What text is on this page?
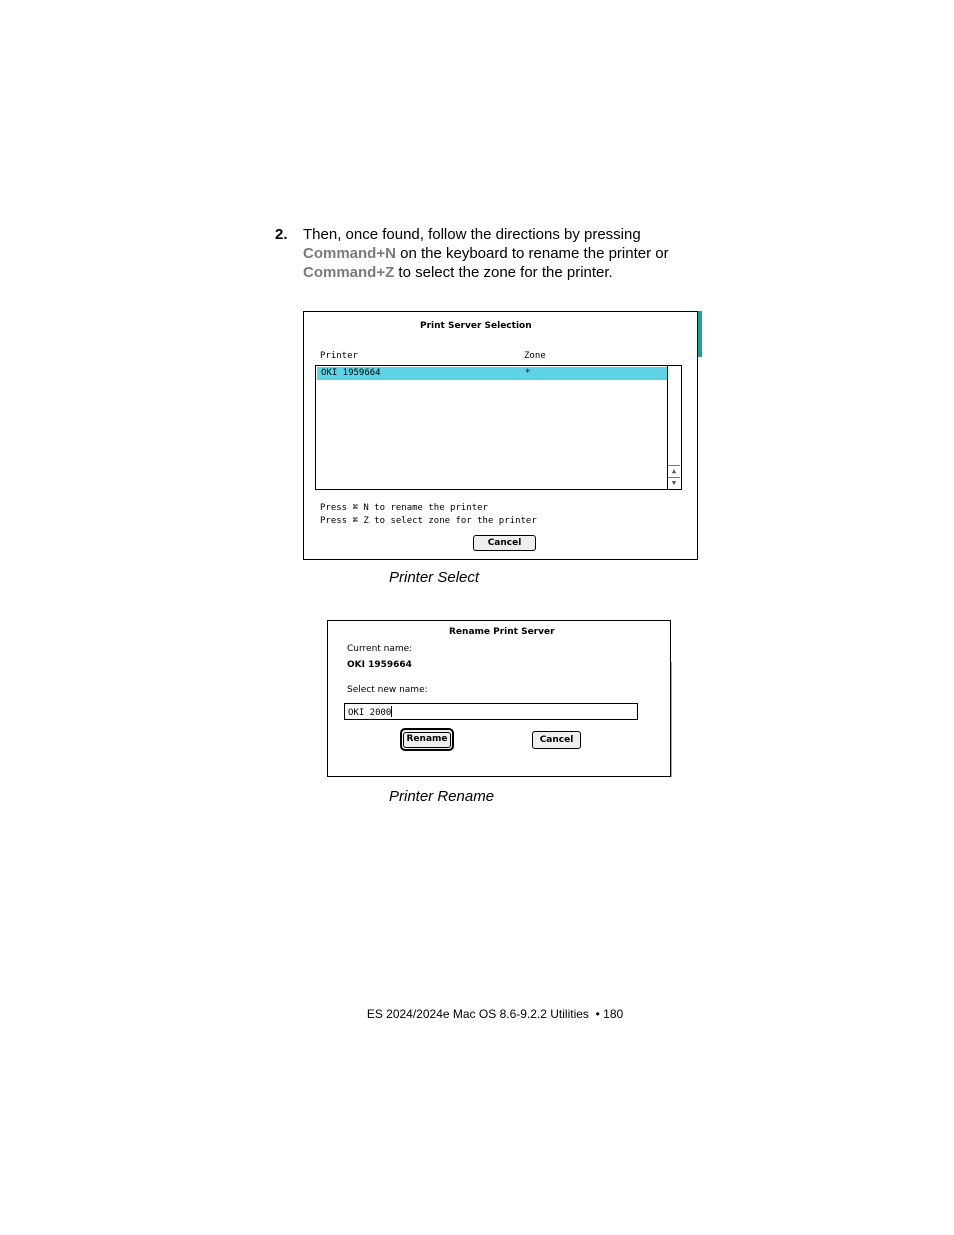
2. Then, once found, follow the directions by pressing
Command+N on the keyboard to rename the printer or
Command+Z to select the zone for the printer.
Print Server Selection
Printer	Zone
OKI 1959664	*
▲
▼
Press ⌘ N to rename the printer
Press ⌘ Z to select zone for the printer
Cancel
Printer Select
Rename Print Server
Current name:
OKI 1959664
Select new name:
OKI 2000
Rename	Cancel
Printer Rename
ES 2024/2024e Mac OS 8.6-9.2.2 Utilities  • 180
